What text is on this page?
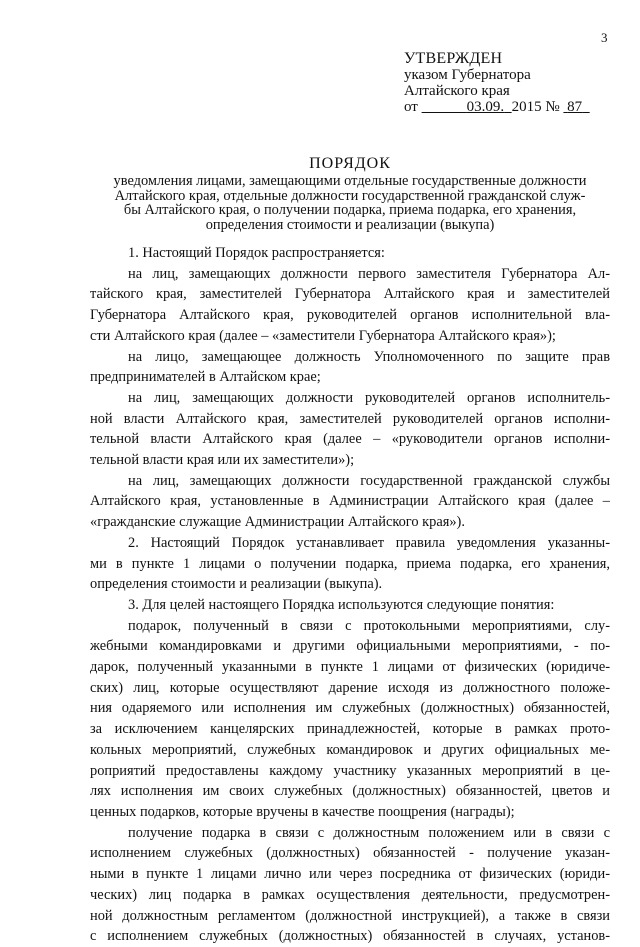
3
УТВЕРЖДЕН
указом Губернатора
Алтайского края
от	03.09. 2015 № 87
ПОРЯДОК
уведомления лицами, замещающими отдельные государственные должности
Алтайского края, отдельные должности государственной гражданской служ-
бы Алтайского края, о получении подарка, приема подарка, его хранения,
определения стоимости и реализации (выкупа)
1. Настоящий Порядок распространяется:
на лиц, замещающих должности первого заместителя Губернатора Ал-
тайского края, заместителей Губернатора Алтайского края и заместителей
Губернатора Алтайского края, руководителей органов исполнительной вла-
сти Алтайского края (далее – «заместители Губернатора Алтайского края»);
на лицо, замещающее должность Уполномоченного по защите прав
предпринимателей в Алтайском крае;
на лиц, замещающих должности руководителей органов исполнитель-
ной власти Алтайского края, заместителей руководителей органов исполни-
тельной власти Алтайского края (далее – «руководители органов исполни-
тельной власти края или их заместители»);
на лиц, замещающих должности государственной гражданской службы
Алтайского края, установленные в Администрации Алтайского края (далее –
«гражданские служащие Администрации Алтайского края»).
2. Настоящий Порядок устанавливает правила уведомления указанны-
ми в пункте 1 лицами о получении подарка, приема подарка, его хранения,
определения стоимости и реализации (выкупа).
3. Для целей настоящего Порядка используются следующие понятия:
подарок, полученный в связи с протокольными мероприятиями, слу-
жебными командировками и другими официальными мероприятиями, - по-
дарок, полученный указанными в пункте 1 лицами от физических (юридиче-
ских) лиц, которые осуществляют дарение исходя из должностного положе-
ния одаряемого или исполнения им служебных (должностных) обязанностей,
за исключением канцелярских принадлежностей, которые в рамках прото-
кольных мероприятий, служебных командировок и других официальных ме-
роприятий предоставлены каждому участнику указанных мероприятий в це-
лях исполнения им своих служебных (должностных) обязанностей, цветов и
ценных подарков, которые вручены в качестве поощрения (награды);
получение подарка в связи с должностным положением или в связи с
исполнением служебных (должностных) обязанностей - получение указан-
ными в пункте 1 лицами лично или через посредника от физических (юриди-
ческих) лиц подарка в рамках осуществления деятельности, предусмотрен-
ной должностным регламентом (должностной инструкцией), а также в связи
с исполнением служебных (должностных) обязанностей в случаях, установ-
